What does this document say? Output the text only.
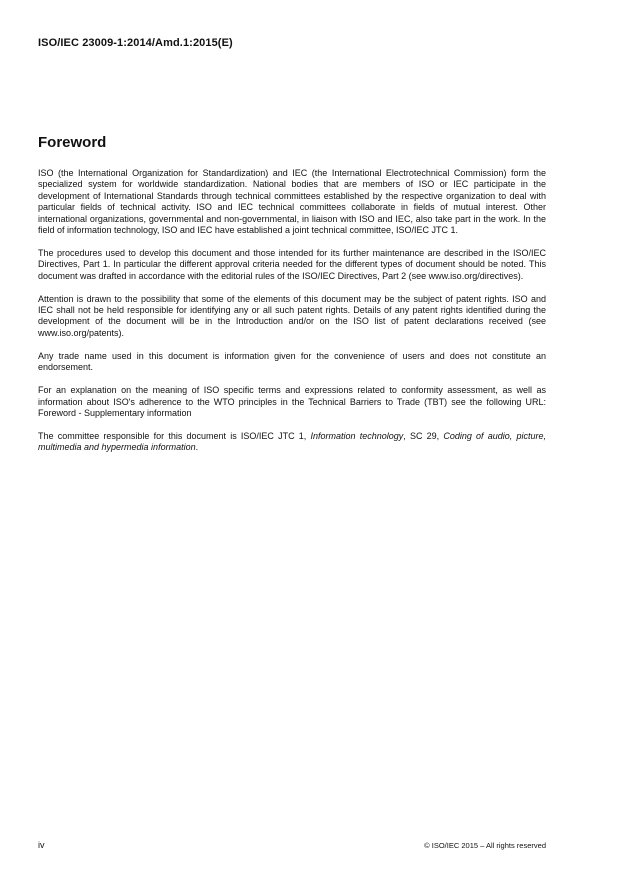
ISO/IEC 23009-1:2014/Amd.1:2015(E)
Foreword

ISO (the International Organization for Standardization) and IEC (the International Electrotechnical Commission) form the specialized system for worldwide standardization. National bodies that are members of ISO or IEC participate in the development of International Standards through technical committees established by the respective organization to deal with particular fields of technical activity. ISO and IEC technical committees collaborate in fields of mutual interest. Other international organizations, governmental and non-governmental, in liaison with ISO and IEC, also take part in the work. In the field of information technology, ISO and IEC have established a joint technical committee, ISO/IEC JTC 1.

The procedures used to develop this document and those intended for its further maintenance are described in the ISO/IEC Directives, Part 1. In particular the different approval criteria needed for the different types of document should be noted. This document was drafted in accordance with the editorial rules of the ISO/IEC Directives, Part 2 (see www.iso.org/directives).

Attention is drawn to the possibility that some of the elements of this document may be the subject of patent rights. ISO and IEC shall not be held responsible for identifying any or all such patent rights. Details of any patent rights identified during the development of the document will be in the Introduction and/or on the ISO list of patent declarations received (see www.iso.org/patents).

Any trade name used in this document is information given for the convenience of users and does not constitute an endorsement.

For an explanation on the meaning of ISO specific terms and expressions related to conformity assessment, as well as information about ISO's adherence to the WTO principles in the Technical Barriers to Trade (TBT) see the following URL: Foreword - Supplementary information

The committee responsible for this document is ISO/IEC JTC 1, Information technology, SC 29, Coding of audio, picture, multimedia and hypermedia information.

iv	© ISO/IEC 2015 – All rights reserved
